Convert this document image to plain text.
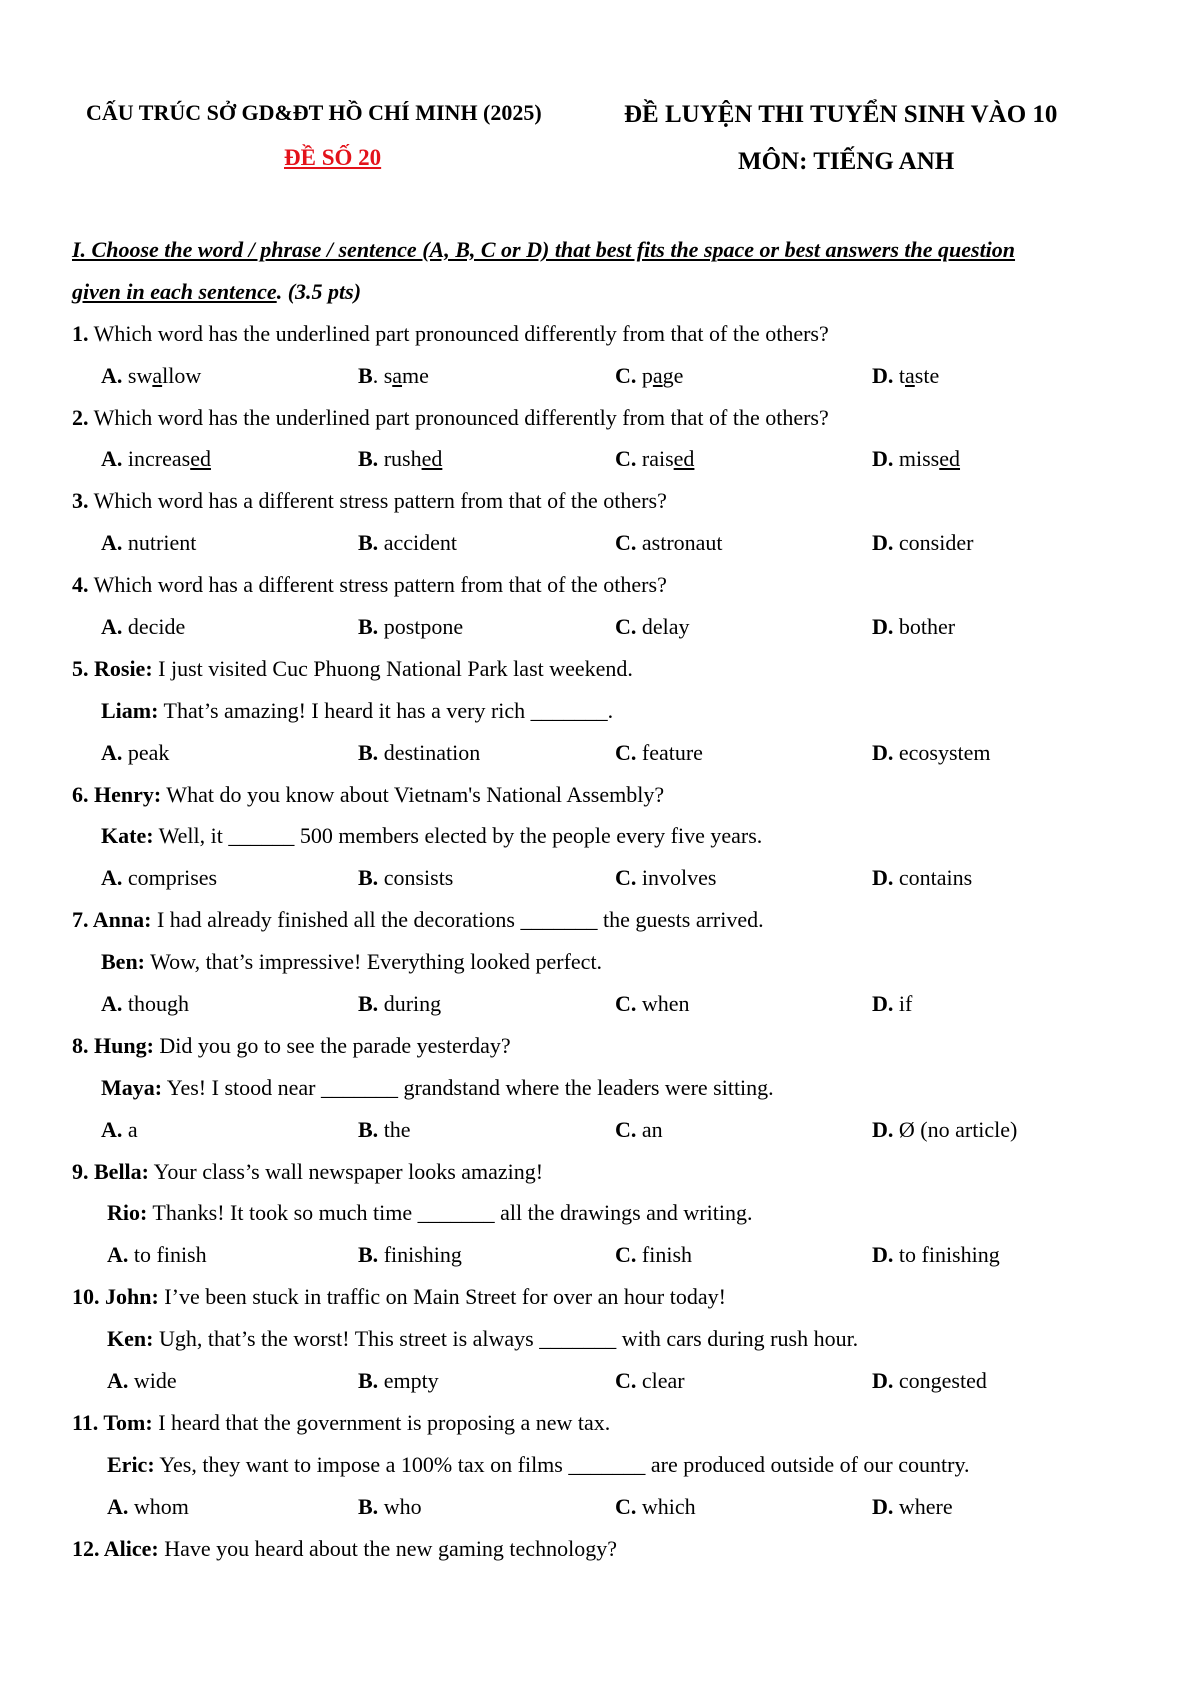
CẤU TRÚC SỞ GD&ĐT HỒ CHÍ MINH (2025)
ĐỀ SỐ 20
ĐỀ LUYỆN THI TUYỂN SINH VÀO 10
MÔN: TIẾNG ANH
I. Choose the word / phrase / sentence (A, B, C or D) that best fits the space or best answers the question
given in each sentence. (3.5 pts)
1. Which word has the underlined part pronounced differently from that of the others?
A. swallow	B. same	C. page	D. taste
2. Which word has the underlined part pronounced differently from that of the others?
A. increased	B. rushed	C. raised	D. missed
3. Which word has a different stress pattern from that of the others?
A. nutrient	B. accident	C. astronaut	D. consider
4. Which word has a different stress pattern from that of the others?
A. decide	B. postpone	C. delay	D. bother
5. Rosie: I just visited Cuc Phuong National Park last weekend.
Liam: That’s amazing! I heard it has a very rich _______.
A. peak	B. destination	C. feature	D. ecosystem
6. Henry: What do you know about Vietnam's National Assembly?
Kate: Well, it ______ 500 members elected by the people every five years.
A. comprises	B. consists	C. involves	D. contains
7. Anna: I had already finished all the decorations _______ the guests arrived.
Ben: Wow, that’s impressive! Everything looked perfect.
A. though	B. during	C. when	D. if
8. Hung: Did you go to see the parade yesterday?
Maya: Yes! I stood near _______ grandstand where the leaders were sitting.
A. a	B. the	C. an	D. Ø (no article)
9. Bella: Your class’s wall newspaper looks amazing!
Rio: Thanks! It took so much time _______ all the drawings and writing.
A. to finish	B. finishing	C. finish	D. to finishing
10. John: I’ve been stuck in traffic on Main Street for over an hour today!
Ken: Ugh, that’s the worst! This street is always _______ with cars during rush hour.
A. wide	B. empty	C. clear	D. congested
11. Tom: I heard that the government is proposing a new tax.
Eric: Yes, they want to impose a 100% tax on films _______ are produced outside of our country.
A. whom	B. who	C. which	D. where
12. Alice: Have you heard about the new gaming technology?
